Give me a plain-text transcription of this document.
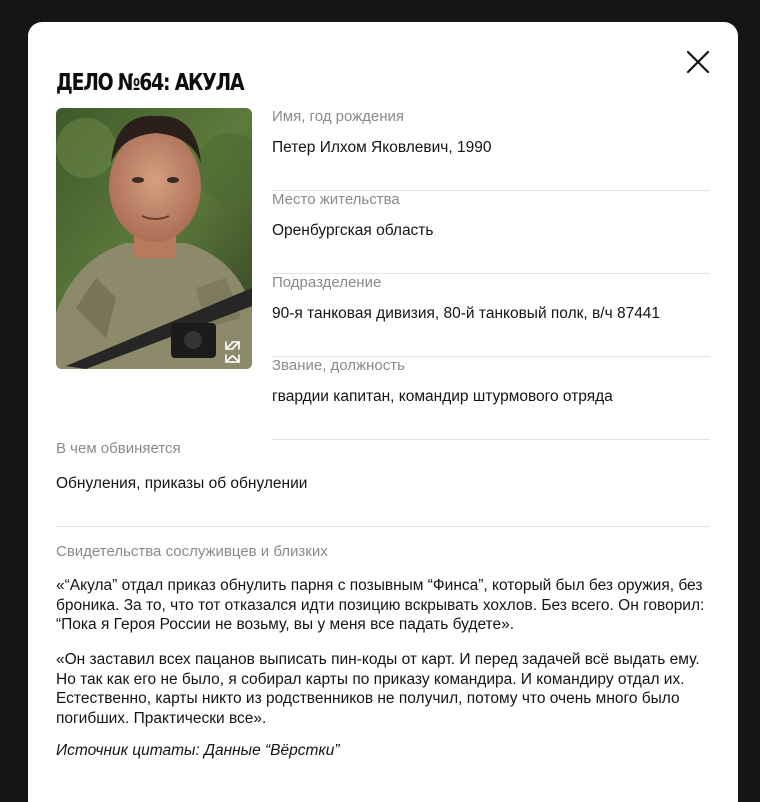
ДЕЛО №64: АКУЛА
Имя, год рождения
Петер Илхом Яковлевич, 1990
Место жительства
Оренбургская область
Подразделение
90-я танковая дивизия, 80-й танковый полк, в/ч 87441
Звание, должность
гвардии капитан, командир штурмового отряда
В чем обвиняется
Обнуления, приказы об обнулении
Свидетельства сослуживцев и близких
«“Акула” отдал приказ обнулить парня с позывным “Финса”, который был без оружия, без броника. За то, что тот отказался идти позицию вскрывать хохлов. Без всего. Он говорил: “Пока я Героя России не возьму, вы у меня все падать будете».
«Он заставил всех пацанов выписать пин-коды от карт. И перед задачей всё выдать ему. Но так как его не было, я собирал карты по приказу командира. И командиру отдал их. Естественно, карты никто из родственников не получил, потому что очень много было погибших. Практически все».
Источник цитаты: Данные “Вёрстки”
